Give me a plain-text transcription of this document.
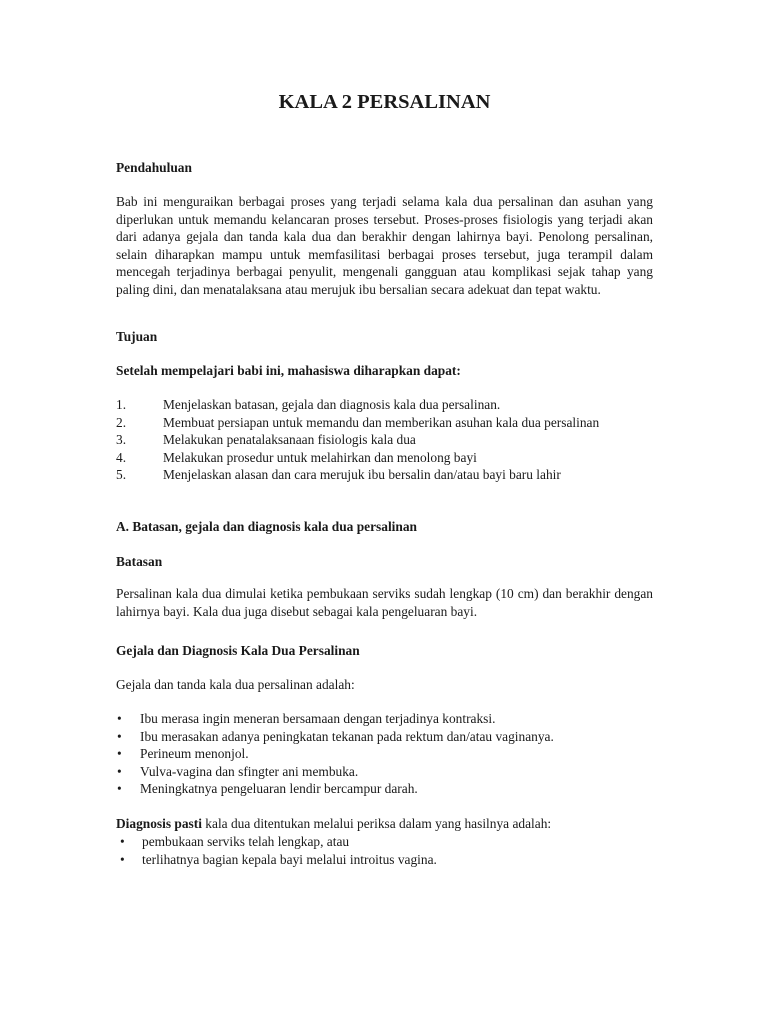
KALA 2 PERSALINAN
Pendahuluan

Bab ini menguraikan berbagai proses yang terjadi selama kala dua persalinan dan asuhan yang diperlukan untuk memandu kelancaran proses tersebut. Proses-proses fisiologis yang terjadi akan dari adanya gejala dan tanda kala dua dan berakhir dengan lahirnya bayi. Penolong persalinan, selain diharapkan mampu untuk memfasilitasi berbagai proses tersebut, juga terampil dalam mencegah terjadinya berbagai penyulit, mengenali gangguan atau komplikasi sejak tahap yang paling dini, dan menatalaksana atau merujuk ibu bersalian secara adekuat dan tepat waktu.

Tujuan
Setelah mempelajari babi ini, mahasiswa diharapkan dapat:
1.	Menjelaskan batasan, gejala dan diagnosis kala dua persalinan.
2.	Membuat persiapan untuk memandu dan memberikan asuhan kala dua persalinan
3.	Melakukan penatalaksanaan fisiologis kala dua
4.	Melakukan prosedur untuk melahirkan dan menolong bayi
5.	Menjelaskan alasan dan cara merujuk ibu bersalin dan/atau bayi baru lahir
A. Batasan, gejala dan diagnosis kala dua persalinan
Batasan

Persalinan kala dua dimulai ketika pembukaan serviks sudah lengkap (10 cm) dan berakhir dengan lahirnya bayi. Kala dua juga disebut sebagai kala pengeluaran bayi.

Gejala dan Diagnosis Kala Dua Persalinan

Gejala dan tanda kala dua persalinan adalah:

• Ibu merasa ingin meneran bersamaan dengan terjadinya kontraksi.
• Ibu merasakan adanya peningkatan tekanan pada rektum dan/atau vaginanya.
• Perineum menonjol.
• Vulva-vagina dan sfingter ani membuka.
• Meningkatnya pengeluaran lendir bercampur darah.

Diagnosis pasti kala dua ditentukan melalui periksa dalam yang hasilnya adalah:

• pembukaan serviks telah lengkap, atau
• terlihatnya bagian kepala bayi melalui introitus vagina.
